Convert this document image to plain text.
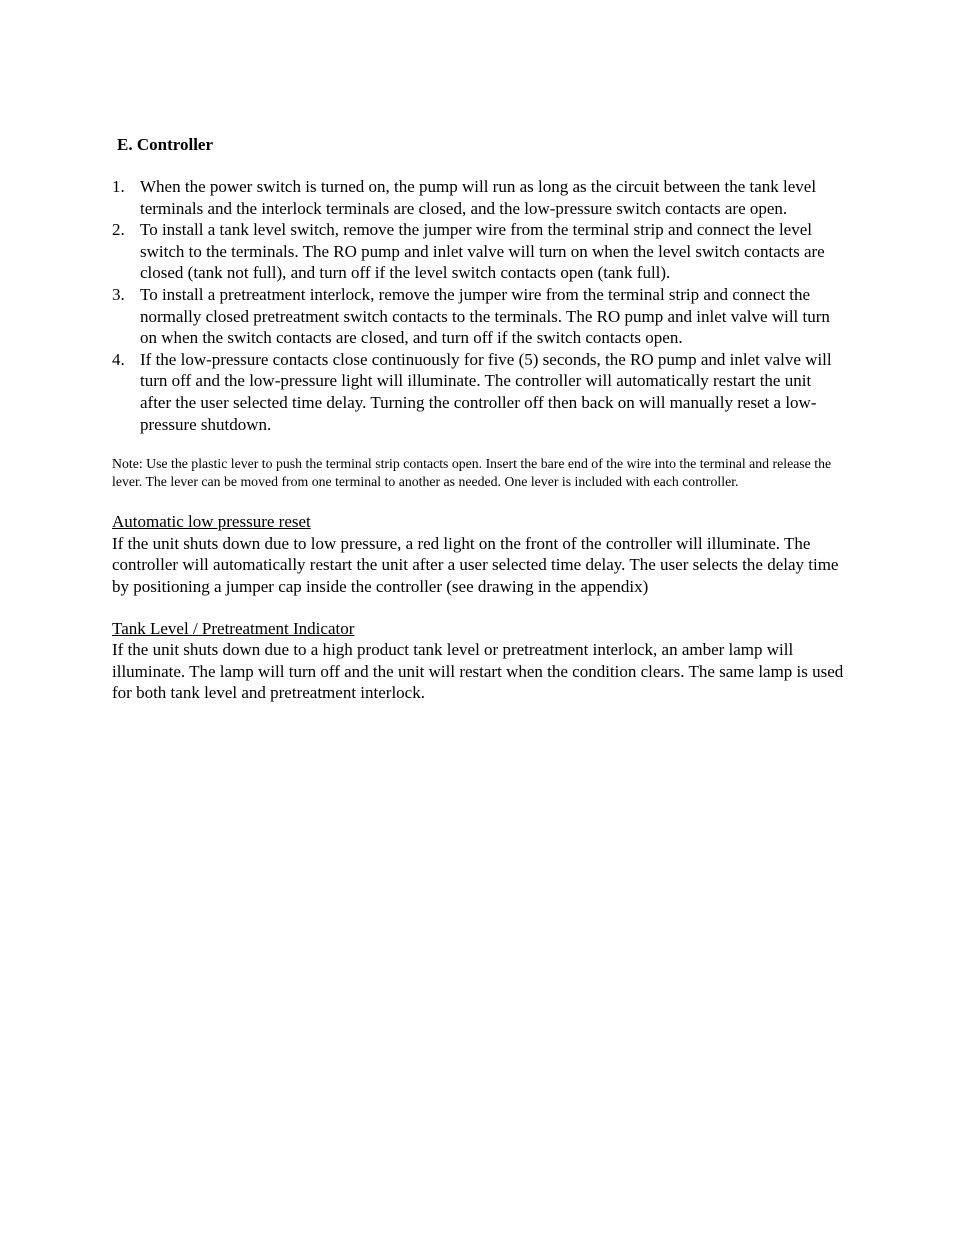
E. Controller
1. When the power switch is turned on, the pump will run as long as the circuit between the tank level terminals and the interlock terminals are closed, and the low-pressure switch contacts are open.
2. To install a tank level switch, remove the jumper wire from the terminal strip and connect the level switch to the terminals. The RO pump and inlet valve will turn on when the level switch contacts are closed (tank not full), and turn off if the level switch contacts open (tank full).
3. To install a pretreatment interlock, remove the jumper wire from the terminal strip and connect the normally closed pretreatment switch contacts to the terminals. The RO pump and inlet valve will turn on when the switch contacts are closed, and turn off if the switch contacts open.
4. If the low-pressure contacts close continuously for five (5) seconds, the RO pump and inlet valve will turn off and the low-pressure light will illuminate. The controller will automatically restart the unit after the user selected time delay. Turning the controller off then back on will manually reset a low-pressure shutdown.
Note: Use the plastic lever to push the terminal strip contacts open. Insert the bare end of the wire into the terminal and release the lever. The lever can be moved from one terminal to another as needed. One lever is included with each controller.
Automatic low pressure reset
If the unit shuts down due to low pressure, a red light on the front of the controller will illuminate. The controller will automatically restart the unit after a user selected time delay. The user selects the delay time by positioning a jumper cap inside the controller (see drawing in the appendix)
Tank Level / Pretreatment Indicator
If the unit shuts down due to a high product tank level or pretreatment interlock, an amber lamp will illuminate. The lamp will turn off and the unit will restart when the condition clears. The same lamp is used for both tank level and pretreatment interlock.
